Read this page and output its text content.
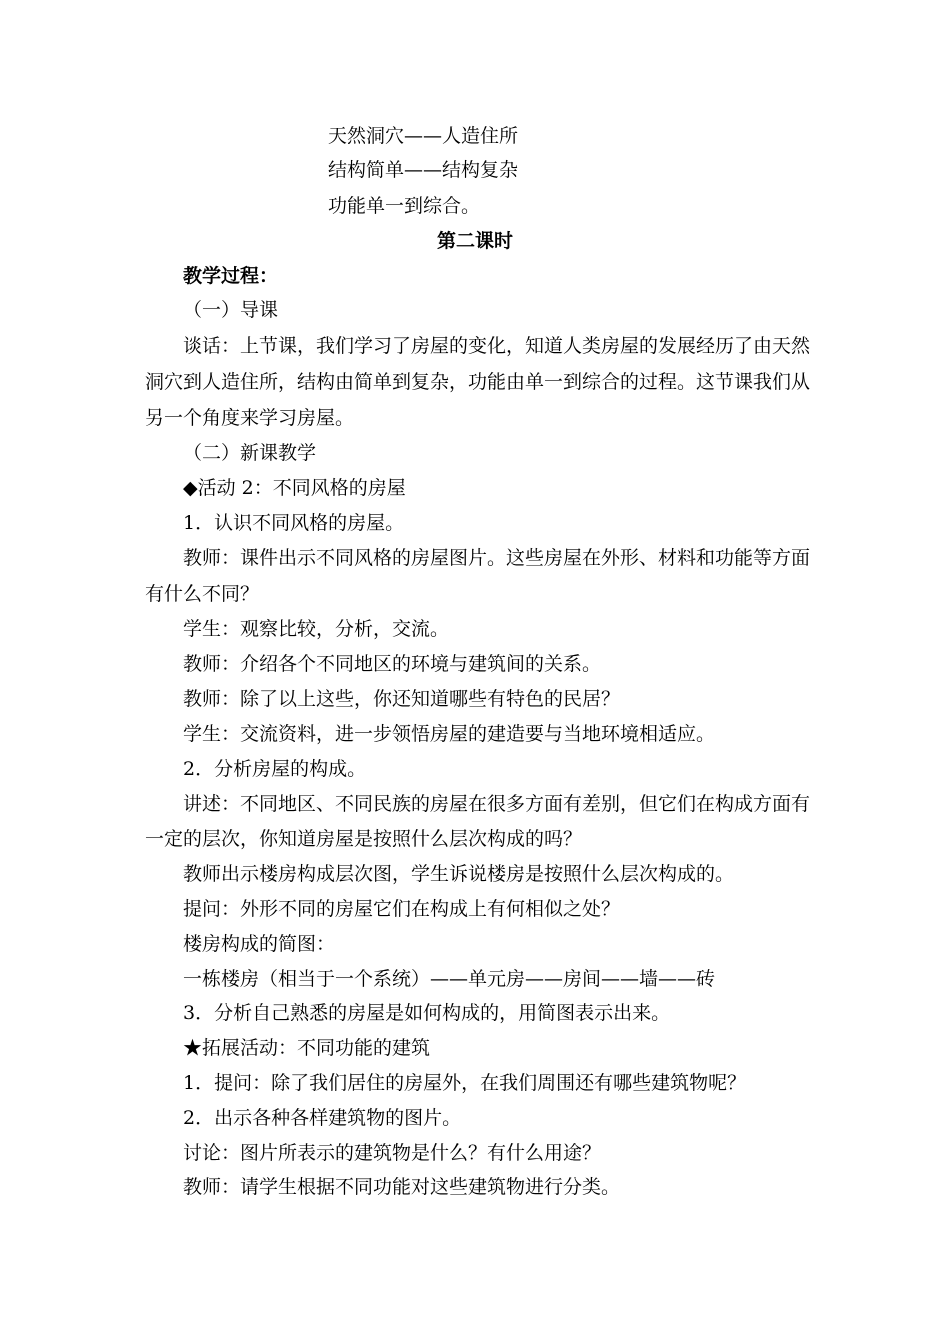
天然洞穴——人造住所
结构简单——结构复杂
功能单一到综合。
第二课时
教学过程：
（一）导课
谈话：上节课，我们学习了房屋的变化，知道人类房屋的发展经历了由天然
洞穴到人造住所，结构由简单到复杂，功能由单一到综合的过程。这节课我们从
另一个角度来学习房屋。
（二）新课教学
◆活动 2：不同风格的房屋
1．认识不同风格的房屋。
教师：课件出示不同风格的房屋图片。这些房屋在外形、材料和功能等方面
有什么不同？
学生：观察比较，分析，交流。
教师：介绍各个不同地区的环境与建筑间的关系。
教师：除了以上这些，你还知道哪些有特色的民居？
学生：交流资料，进一步领悟房屋的建造要与当地环境相适应。
2．分析房屋的构成。
讲述：不同地区、不同民族的房屋在很多方面有差别，但它们在构成方面有
一定的层次，你知道房屋是按照什么层次构成的吗？
教师出示楼房构成层次图，学生诉说楼房是按照什么层次构成的。
提问：外形不同的房屋它们在构成上有何相似之处？
楼房构成的简图：
一栋楼房（相当于一个系统）——单元房——房间——墙——砖
3．分析自己熟悉的房屋是如何构成的，用简图表示出来。
★拓展活动：不同功能的建筑
1．提问：除了我们居住的房屋外，在我们周围还有哪些建筑物呢？
2．出示各种各样建筑物的图片。
讨论：图片所表示的建筑物是什么？有什么用途？
教师：请学生根据不同功能对这些建筑物进行分类。
